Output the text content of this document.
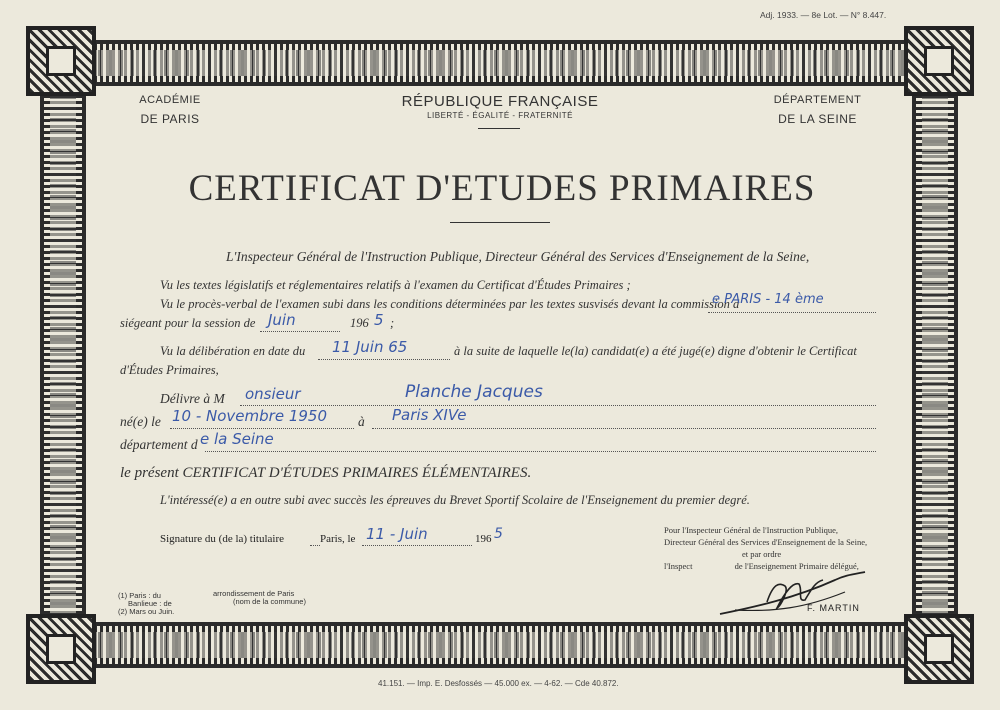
Adj. 1933. — 8e Lot. — N° 8.447.
ACADÉMIE
DE PARIS
RÉPUBLIQUE FRANÇAISE
LIBERTÉ - ÉGALITÉ - FRATERNITÉ
DÉPARTEMENT
DE LA SEINE
CERTIFICAT D'ETUDES PRIMAIRES
L'Inspecteur Général de l'Instruction Publique, Directeur Général des Services d'Enseignement de la Seine,
Vu les textes législatifs et réglementaires relatifs à l'examen du Certificat d'Études Primaires ;
Vu le procès-verbal de l'examen subi dans les conditions déterminées par les textes susvisés devant la commission d
e PARIS - 14 ème
siégeant pour la session de Juin	196 5 ;
Vu la délibération en date du 11 Juin 65	à la suite de laquelle le(la) candidat(e) a été jugé(e) digne d'obtenir le Certificat
d'Études Primaires,
Délivre à M onsieur	Planche Jacques
né(e) le 10 - Novembre 1950 à Paris XIVe
département d e la Seine
le présent CERTIFICAT D'ÉTUDES PRIMAIRES ÉLÉMENTAIRES.
L'intéressé(e) a en outre subi avec succès les épreuves du Brevet Sportif Scolaire de l'Enseignement du premier degré.
Signature du (de la) titulaire	Paris, le 11 - Juin	196 5	Pour l'Inspecteur Général de l'Instruction Publique,
Directeur Général des Services d'Enseignement de la Seine,
et par ordre
l'Inspect	de l'Enseignement Primaire délégué,
F. MARTIN
(1) Paris : du
Banlieue : de
(2) Mars ou Juin.
arrondissement de Paris
(nom de la commune)
41.151. — Imp. E. Desfossés — 45.000 ex. — 4-62. — Cde 40.872.
